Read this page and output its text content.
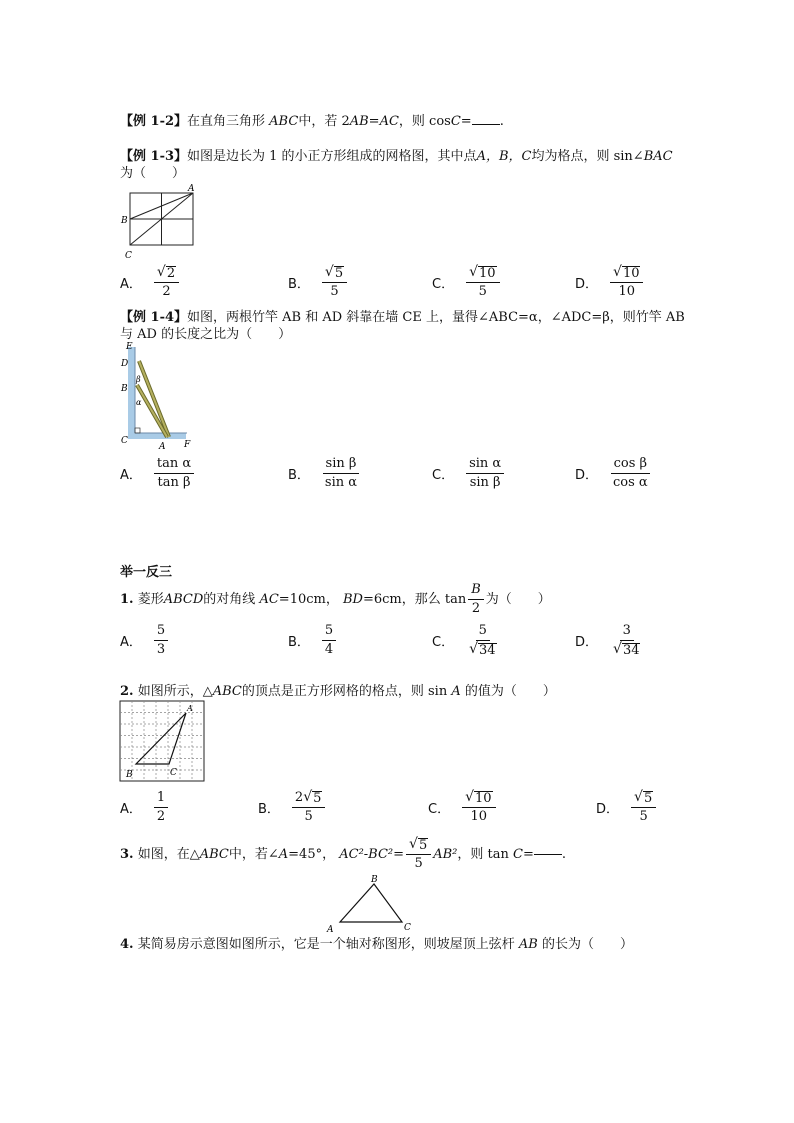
【例 1-2】在直角三角形 ABC中，若 2AB=AC，则 cosC= .
【例 1-3】如图是边长为 1 的小正方形组成的网格图，其中点A，B，C均为格点，则 sin∠BAC
为（　　）
A
B
C
A． $\frac{√ 2}{2}$	B． $\frac{√ 5}{5}$	C． $\frac{√ 10}{5}$	D． $\frac{√ 10}{10}$
【例 1-4】如图，两根竹竿 AB 和 AD 斜靠在墙 CE 上，量得∠ABC=α，∠ADC=β，则竹竿 AB
与 AD 的长度之比为（　　）
E
D
B
C
A F
β
α
A． $\frac{\text{tan α}}{\text{tan β}}$	B． $\frac{\text{sin β}}{\text{sin α}}$	C． $\frac{\text{sin α}}{\text{sin β}}$	D． $\frac{\text{cos β}}{\text{cos α}}$
举一反三
1.
菱形 ABCD 的对角线
AC =10cm，
BD =6cm，那么 $\tan \frac{B}{2}$ 为（　　）
A． $\frac{5}{3}$	B． $\frac{5}{4}$	C． $\frac{5}{√ 34}$	D． $\frac{3}{√ 34}$
2. 如图所示，△ABC的顶点是正方形网格的格点，则 sin A 的值为（　　）
A
B	C
A． $\frac{1}{2}$	B． $\frac{2 √ 5}{5}$	C． $\frac{√ 10}{10}$	D． $\frac{√ 5}{5}$
3.
如图，在△ ABC 中，若∠ A =45°，
$AC^2-BC^2= \frac{√ 5}{5} AB^2$ ，则 tan
C = .
B
A	C
4. 某简易房示意图如图所示，它是一个轴对称图形，则坡屋顶上弦杆 AB 的长为（　　）
